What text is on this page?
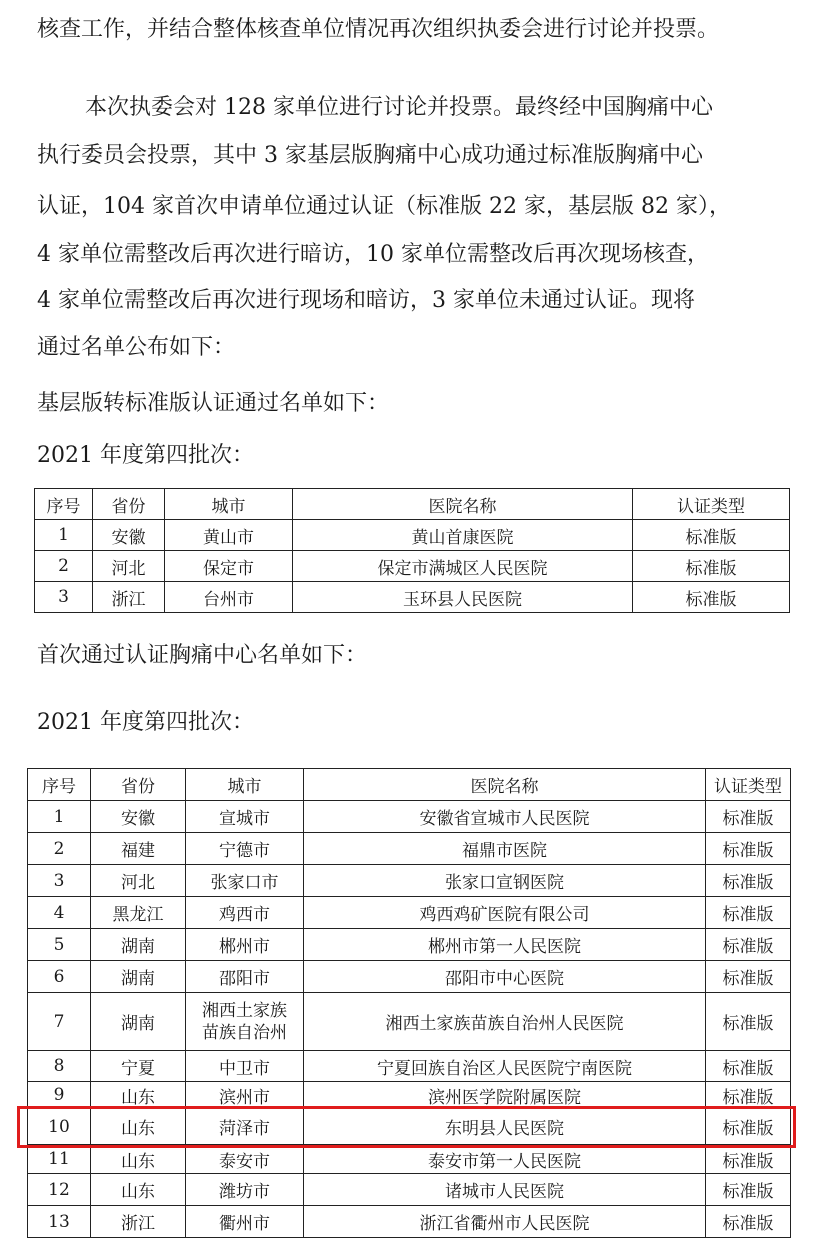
核查工作，并结合整体核查单位情况再次组织执委会进行讨论并投票。
本次执委会对 128 家单位进行讨论并投票。最终经中国胸痛中心
执行委员会投票，其中 3 家基层版胸痛中心成功通过标准版胸痛中心
认证，104 家首次申请单位通过认证（标准版 22 家，基层版 82 家），
4 家单位需整改后再次进行暗访，10 家单位需整改后再次现场核查，
4 家单位需整改后再次进行现场和暗访，3 家单位未通过认证。现将
通过名单公布如下：
基层版转标准版认证通过名单如下：
2021 年度第四批次：
序号	省份	城市	医院名称	认证类型
1	安徽	黄山市	黄山首康医院	标准版
2	河北	保定市	保定市满城区人民医院	标准版
3	浙江	台州市	玉环县人民医院	标准版
首次通过认证胸痛中心名单如下：
2021 年度第四批次：
序号	省份	城市	医院名称	认证类型
1	安徽	宣城市	安徽省宣城市人民医院	标准版
2	福建	宁德市	福鼎市医院	标准版
3	河北	张家口市	张家口宣钢医院	标准版
4	黑龙江	鸡西市	鸡西鸡矿医院有限公司	标准版
5	湖南	郴州市	郴州市第一人民医院	标准版
6	湖南	邵阳市	邵阳市中心医院	标准版
7	湖南	湘西土家族
苗族自治州	湘西土家族苗族自治州人民医院	标准版
8	宁夏	中卫市	宁夏回族自治区人民医院宁南医院	标准版
9	山东	滨州市	滨州医学院附属医院	标准版
10	山东	菏泽市	东明县人民医院	标准版
11	山东	泰安市	泰安市第一人民医院	标准版
12	山东	潍坊市	诸城市人民医院	标准版
13	浙江	衢州市	浙江省衢州市人民医院	标准版
